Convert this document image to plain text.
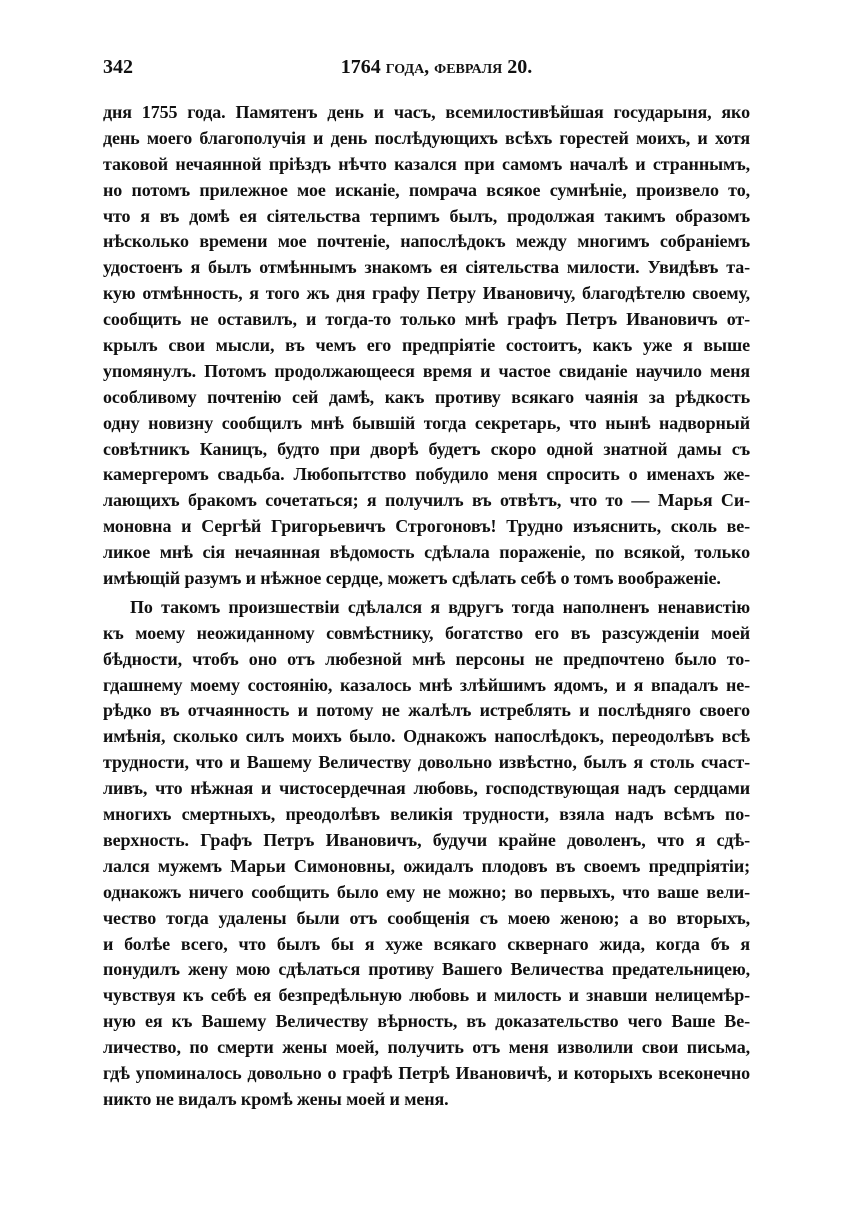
342	1764 года, февраля 20.
дня 1755 года. Памятенъ день и часъ, всемилостивѣйшая государыня, яко
день моего благополучія и день послѣдующихъ всѣхъ горестей моихъ, и хотя
таковой нечаянной пріѣздъ нѣчто казался при самомъ началѣ и страннымъ,
но потомъ прилежное мое исканіе, помрача всякое сумнѣніе, произвело то,
что я въ домѣ ея сіятельства терпимъ былъ, продолжая такимъ образомъ
нѣсколько времени мое почтеніе, напослѣдокъ между многимъ собраніемъ
удостоенъ я былъ отмѣннымъ знакомъ ея сіятельства милости. Увидѣвъ та-
кую отмѣнность, я того жъ дня графу Петру Ивановичу, благодѣтелю своему,
сообщить не оставилъ, и тогда-то только мнѣ графъ Петръ Ивановичъ от-
крылъ свои мысли, въ чемъ его предпріятіе состоитъ, какъ уже я выше
упомянулъ. Потомъ продолжающееся время и частое свиданіе научило меня
особливому почтенію сей дамѣ, какъ противу всякаго чаянія за рѣдкость
одну новизну сообщилъ мнѣ бывшій тогда секретарь, что нынѣ надворный
совѣтникъ Каницъ, будто при дворѣ будетъ скоро одной знатной дамы съ
камергеромъ свадьба. Любопытство побудило меня спросить о именахъ же-
лающихъ бракомъ сочетаться; я получилъ въ отвѣтъ, что то — Марья Си-
моновна и Сергѣй Григорьевичъ Строгоновъ! Трудно изъяснить, сколь ве-
ликое мнѣ сія нечаянная вѣдомость сдѣлала пораженіе, по всякой, только
имѣющій разумъ и нѣжное сердце, можетъ сдѣлать себѣ о томъ воображеніе.
По такомъ произшествіи сдѣлался я вдругъ тогда наполненъ ненавистію
къ моему неожиданному совмѣстнику, богатство его въ разсужденіи моей
бѣдности, чтобъ оно отъ любезной мнѣ персоны не предпочтено было то-
гдашнему моему состоянію, казалось мнѣ злѣйшимъ ядомъ, и я впадалъ не-
рѣдко въ отчаянность и потому не жалѣлъ истреблять и послѣдняго своего
имѣнія, сколько силъ моихъ было. Однакожъ напослѣдокъ, переодолѣвъ всѣ
трудности, что и Вашему Величеству довольно извѣстно, былъ я столь счаст-
ливъ, что нѣжная и чистосердечная любовь, господствующая надъ сердцами
многихъ смертныхъ, преодолѣвъ великія трудности, взяла надъ всѣмъ по-
верхность. Графъ Петръ Ивановичъ, будучи крайне доволенъ, что я сдѣ-
лался мужемъ Марьи Симоновны, ожидалъ плодовъ въ своемъ предпріятіи;
однакожъ ничего сообщить было ему не можно; во первыхъ, что ваше вели-
чество тогда удалены были отъ сообщенія съ моею женою; а во вторыхъ,
и болѣе всего, что былъ бы я хуже всякаго сквернаго жида, когда бъ я
понудилъ жену мою сдѣлаться противу Вашего Величества предательницею,
чувствуя къ себѣ ея безпредѣльную любовь и милость и знавши нелицемѣр-
ную ея къ Вашему Величеству вѣрность, въ доказательство чего Ваше Ве-
личество, по смерти жены моей, получить отъ меня изволили свои письма,
гдѣ упоминалось довольно о графѣ Петрѣ Ивановичѣ, и которыхъ всеконечно
никто не видалъ кромѣ жены моей и меня.
